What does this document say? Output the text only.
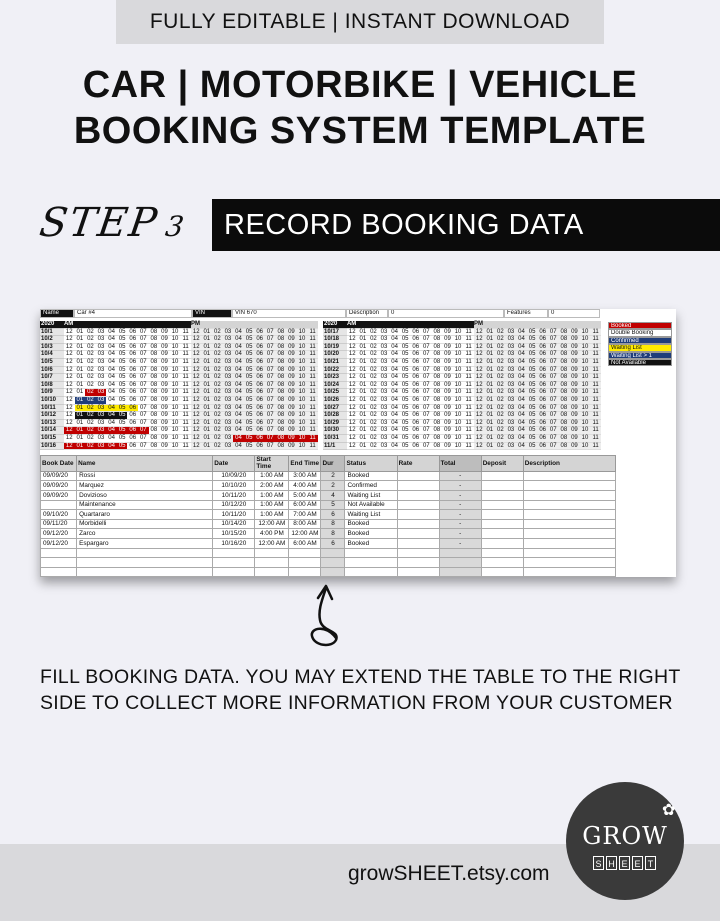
FULLY EDITABLE | INSTANT DOWNLOAD
CAR | MOTORBIKE | VEHICLE
BOOKING SYSTEM TEMPLATE
STEP3	RECORD BOOKING DATA
Name	Car #4	VIN	VIN 670	Description	0	Features	0
2020	AM	PM
10/1	12 01 02 03 04 05 06 07 08 09 10 11 12 01 02 03 04 05 06 07 08 09 10 11
10/2	12 01 02 03 04 05 06 07 08 09 10 11 12 01 02 03 04 05 06 07 08 09 10 11
10/3	12 01 02 03 04 05 06 07 08 09 10 11 12 01 02 03 04 05 06 07 08 09 10 11
10/4	12 01 02 03 04 05 06 07 08 09 10 11 12 01 02 03 04 05 06 07 08 09 10 11
10/5	12 01 02 03 04 05 06 07 08 09 10 11 12 01 02 03 04 05 06 07 08 09 10 11
10/6	12 01 02 03 04 05 06 07 08 09 10 11 12 01 02 03 04 05 06 07 08 09 10 11
10/7	12 01 02 03 04 05 06 07 08 09 10 11 12 01 02 03 04 05 06 07 08 09 10 11
10/8	12 01 02 03 04 05 06 07 08 09 10 11 12 01 02 03 04 05 06 07 08 09 10 11
10/9	12 01 02 03 04 05 06 07 08 09 10 11 12 01 02 03 04 05 06 07 08 09 10 11
10/10	12 01 02 03 04 05 06 07 08 09 10 11 12 01 02 03 04 05 06 07 08 09 10 11
10/11	12 01 02 03 04 05 06 07 08 09 10 11 12 01 02 03 04 05 06 07 08 09 10 11
10/12	12 01 02 03 04 05 06 07 08 09 10 11 12 01 02 03 04 05 06 07 08 09 10 11
10/13	12 01 02 03 04 05 06 07 08 09 10 11 12 01 02 03 04 05 06 07 08 09 10 11
10/14	12 01 02 03 04 05 06 07 08 09 10 11 12 01 02 03 04 05 06 07 08 09 10 11
10/15	12 01 02 03 04 05 06 07 08 09 10 11 12 01 02 03 04 05 06 07 08 09 10 11
10/16	12 01 02 03 04 05 06 07 08 09 10 11 12 01 02 03 04 05 06 07 08 09 10 11
2020	AM	PM
10/17	12 01 02 03 04 05 06 07 08 09 10 11 12 01 02 03 04 05 06 07 08 09 10 11
10/18	12 01 02 03 04 05 06 07 08 09 10 11 12 01 02 03 04 05 06 07 08 09 10 11
10/19	12 01 02 03 04 05 06 07 08 09 10 11 12 01 02 03 04 05 06 07 08 09 10 11
10/20	12 01 02 03 04 05 06 07 08 09 10 11 12 01 02 03 04 05 06 07 08 09 10 11
10/21	12 01 02 03 04 05 06 07 08 09 10 11 12 01 02 03 04 05 06 07 08 09 10 11
10/22	12 01 02 03 04 05 06 07 08 09 10 11 12 01 02 03 04 05 06 07 08 09 10 11
10/23	12 01 02 03 04 05 06 07 08 09 10 11 12 01 02 03 04 05 06 07 08 09 10 11
10/24	12 01 02 03 04 05 06 07 08 09 10 11 12 01 02 03 04 05 06 07 08 09 10 11
10/25	12 01 02 03 04 05 06 07 08 09 10 11 12 01 02 03 04 05 06 07 08 09 10 11
10/26	12 01 02 03 04 05 06 07 08 09 10 11 12 01 02 03 04 05 06 07 08 09 10 11
10/27	12 01 02 03 04 05 06 07 08 09 10 11 12 01 02 03 04 05 06 07 08 09 10 11
10/28	12 01 02 03 04 05 06 07 08 09 10 11 12 01 02 03 04 05 06 07 08 09 10 11
10/29	12 01 02 03 04 05 06 07 08 09 10 11 12 01 02 03 04 05 06 07 08 09 10 11
10/30	12 01 02 03 04 05 06 07 08 09 10 11 12 01 02 03 04 05 06 07 08 09 10 11
10/31	12 01 02 03 04 05 06 07 08 09 10 11 12 01 02 03 04 05 06 07 08 09 10 11
11/1	12 01 02 03 04 05 06 07 08 09 10 11 12 01 02 03 04 05 06 07 08 09 10 11
Booked
Double Booking
Confirmed
Waiting List
Waiting List > 1
Not Available
Book Date	Name	Date	Start Time	End Time	Dur	Status	Rate	Total	Deposit	Description
09/09/20	Rossi	10/09/20	1:00 AM	3:00 AM	2	Booked		-		
09/09/20	Marquez	10/10/20	2:00 AM	4:00 AM	2	Confirmed		-		
09/09/20	Dovizioso	10/11/20	1:00 AM	5:00 AM	4	Waiting List		-		
	Maintenance	10/12/20	1:00 AM	6:00 AM	5	Not Available		-		
09/10/20	Quartararo	10/11/20	1:00 AM	7:00 AM	6	Waiting List		-		
09/11/20	Morbidelli	10/14/20	12:00 AM	8:00 AM	8	Booked		-		
09/12/20	Zarco	10/15/20	4:00 PM	12:00 AM	8	Booked		-		
09/12/20	Espargaro	10/16/20	12:00 AM	6:00 AM	6	Booked		-		

FILL BOOKING DATA. YOU MAY EXTEND THE TABLE TO THE RIGHT SIDE TO COLLECT MORE INFORMATION FROM YOUR CUSTOMER
growSHEET.etsy.com
✿
GROW
S H E E T
